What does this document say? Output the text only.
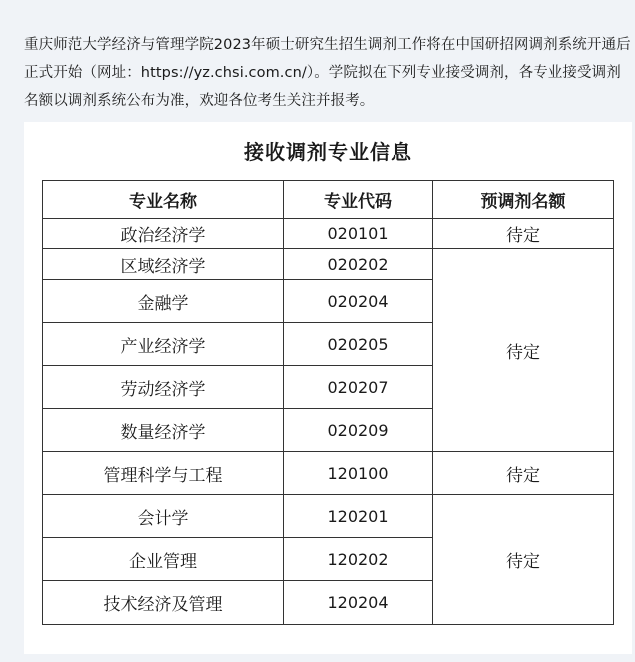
重庆师范大学经济与管理学院2023年硕士研究生招生调剂工作将在中国研招网调剂系统开通后正式开始（网址：https://yz.chsi.com.cn/）。学院拟在下列专业接受调剂，各专业接受调剂名额以调剂系统公布为准，欢迎各位考生关注并报考。

接收调剂专业信息
专业名称	专业代码	预调剂名额
政治经济学	020101	待定
区域经济学	020202	待定
金融学	020204	
产业经济学	020205	
劳动经济学	020207	
数量经济学	020209	
管理科学与工程	120100	待定
会计学	120201	待定
企业管理	120202	
技术经济及管理	120204	
